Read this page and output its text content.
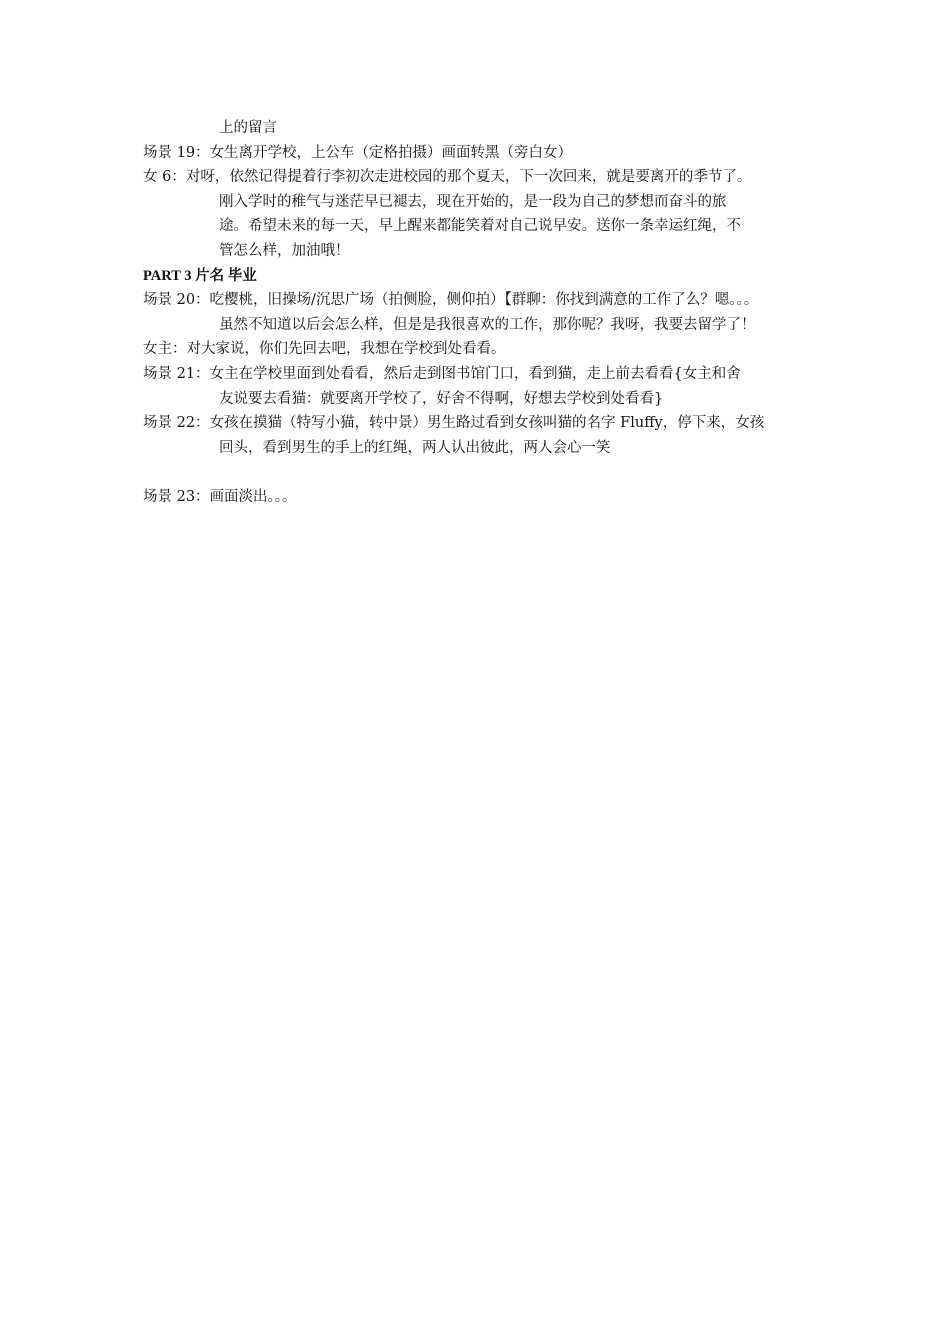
上的留言
场景 19：女生离开学校，上公车（定格拍摄）画面转黑（旁白女）
女 6：对呀，依然记得提着行李初次走进校园的那个夏天，下一次回来，就是要离开的季节了。
刚入学时的稚气与迷茫早已褪去，现在开始的，是一段为自己的梦想而奋斗的旅
途。希望未来的每一天，早上醒来都能笑着对自己说早安。送你一条幸运红绳，不
管怎么样，加油哦！
PART 3 片名 毕业
场景 20：吃樱桃，旧操场/沉思广场（拍侧脸，侧仰拍）【群聊：你找到满意的工作了么？嗯。。。
虽然不知道以后会怎么样，但是是我很喜欢的工作，那你呢？我呀，我要去留学了！
女主：对大家说，你们先回去吧，我想在学校到处看看。
场景 21：女主在学校里面到处看看，然后走到图书馆门口，看到猫，走上前去看看{女主和舍
友说要去看猫：就要离开学校了，好舍不得啊，好想去学校到处看看}
场景 22：女孩在摸猫（特写小猫，转中景）男生路过看到女孩叫猫的名字 Fluffy，停下来，女孩
回头，看到男生的手上的红绳，两人认出彼此，两人会心一笑
场景 23：画面淡出。。。
